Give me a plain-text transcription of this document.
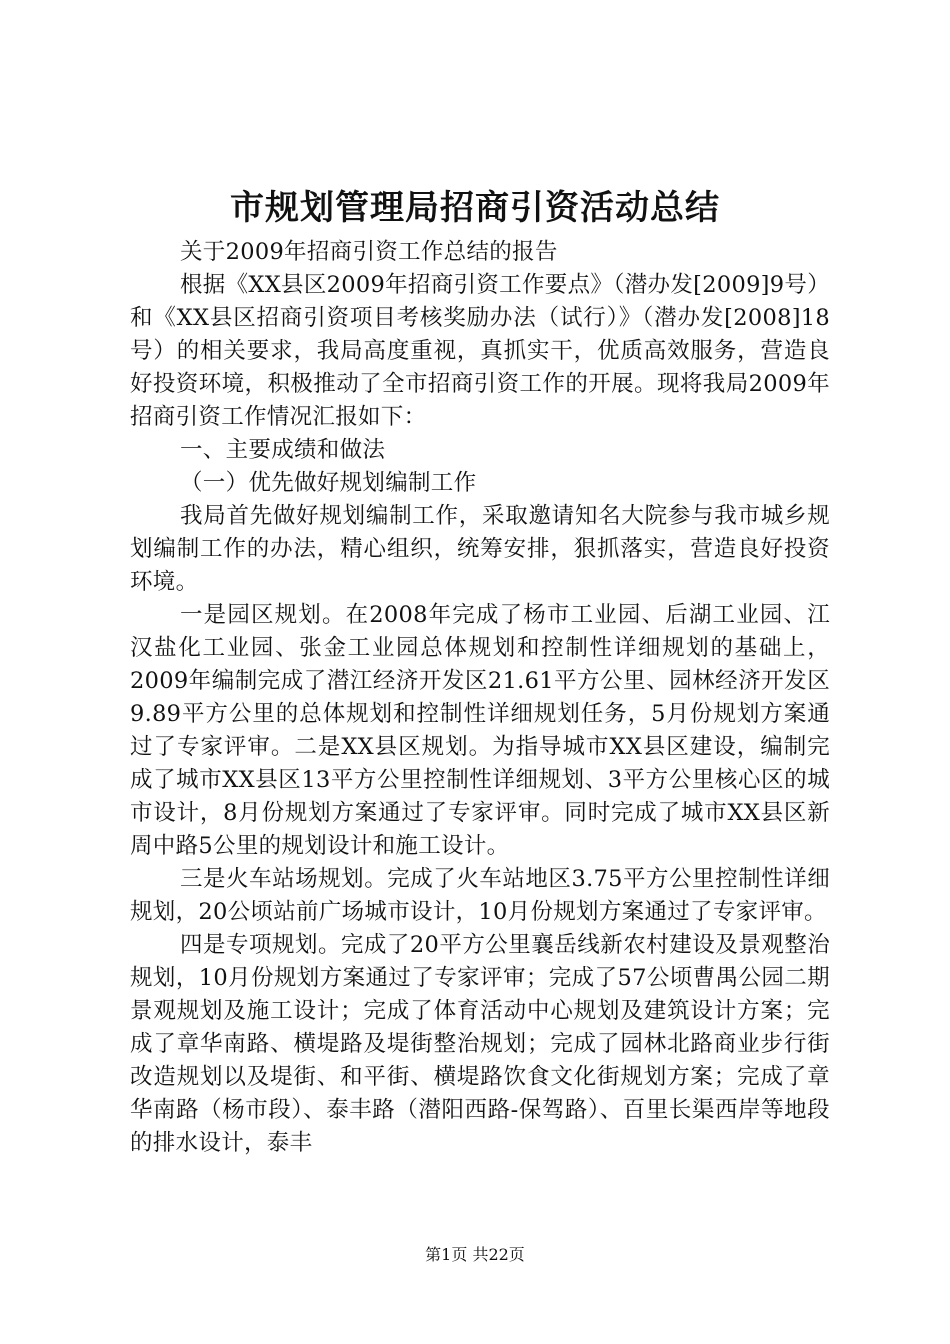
市规划管理局招商引资活动总结

关于2009年招商引资工作总结的报告

根据《XX县区2009年招商引资工作要点》（潜办发[2009]9号）和《XX县区招商引资项目考核奖励办法（试行）》（潜办发[2008]18号）的相关要求，我局高度重视，真抓实干，优质高效服务，营造良好投资环境，积极推动了全市招商引资工作的开展。现将我局2009年招商引资工作情况汇报如下：

一、主要成绩和做法

（一）优先做好规划编制工作

我局首先做好规划编制工作，采取邀请知名大院参与我市城乡规划编制工作的办法，精心组织，统筹安排，狠抓落实，营造良好投资环境。

一是园区规划。在2008年完成了杨市工业园、后湖工业园、江汉盐化工业园、张金工业园总体规划和控制性详细规划的基础上，2009年编制完成了潜江经济开发区21.61平方公里、园林经济开发区9.89平方公里的总体规划和控制性详细规划任务，5月份规划方案通过了专家评审。二是XX县区规划。为指导城市XX县区建设，编制完成了城市XX县区13平方公里控制性详细规划、3平方公里核心区的城市设计，8月份规划方案通过了专家评审。同时完成了城市XX县区新周中路5公里的规划设计和施工设计。

三是火车站场规划。完成了火车站地区3.75平方公里控制性详细规划，20公顷站前广场城市设计，10月份规划方案通过了专家评审。

四是专项规划。完成了20平方公里襄岳线新农村建设及景观整治规划，10月份规划方案通过了专家评审；完成了57公顷曹禺公园二期景观规划及施工设计；完成了体育活动中心规划及建筑设计方案；完成了章华南路、横堤路及堤街整治规划；完成了园林北路商业步行街改造规划以及堤街、和平街、横堤路饮食文化街规划方案；完成了章华南路（杨市段）、泰丰路（潜阳西路-保驾路）、百里长渠西岸等地段的排水设计，泰丰

第1页 共22页
